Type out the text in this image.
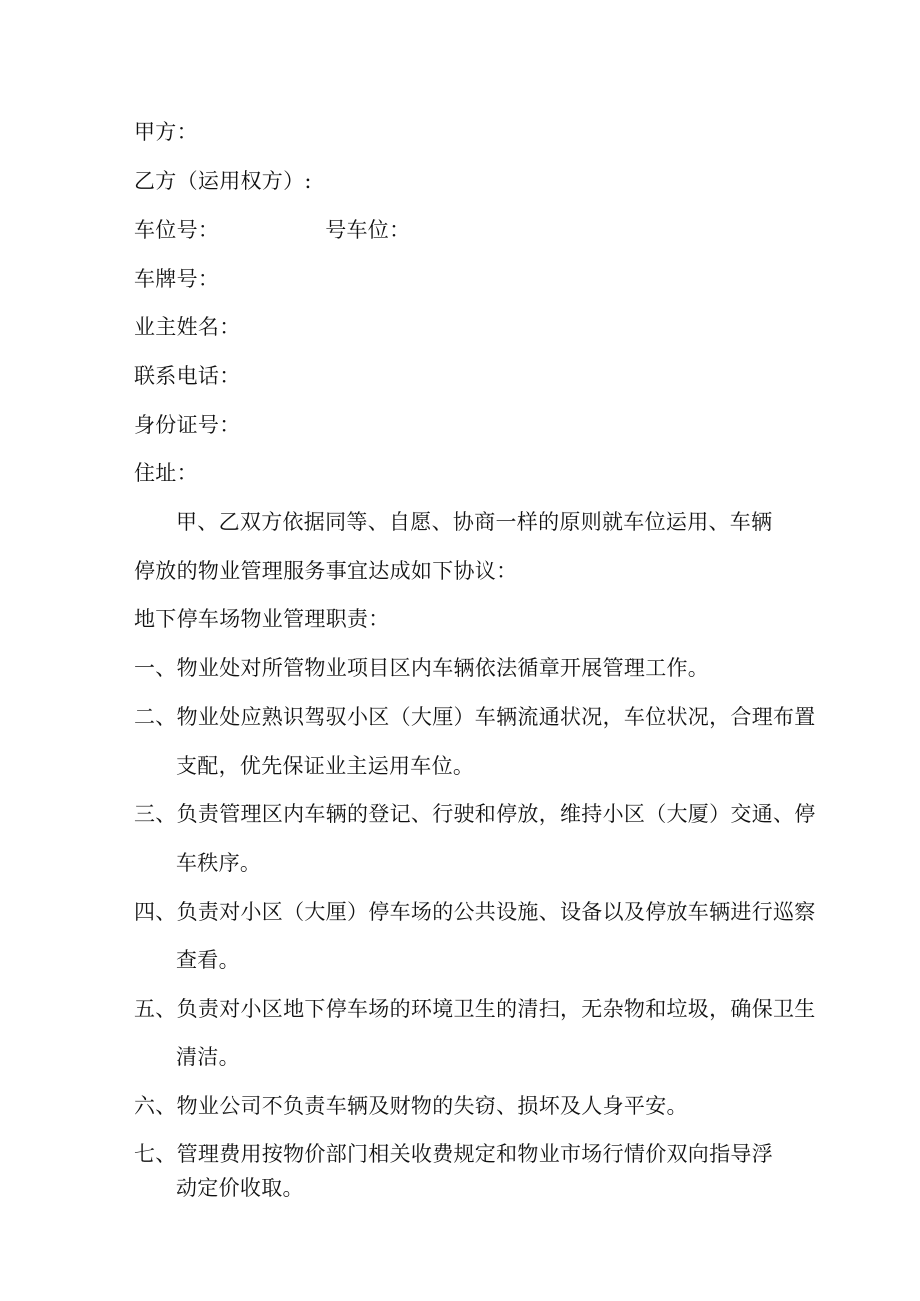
甲方：
乙方（运用权方）:
车位号：	号车位：
车牌号：
业主姓名：
联系电话：
身份证号：
住址：
甲、乙双方依据同等、自愿、协商一样的原则就车位运用、车辆
停放的物业管理服务事宜达成如下协议：
地下停车场物业管理职责：
一、物业处对所管物业项目区内车辆依法循章开展管理工作。
二、物业处应熟识驾驭小区（大厘）车辆流通状况，车位状况，合理布置
支配，优先保证业主运用车位。
三、负责管理区内车辆的登记、行驶和停放，维持小区（大厦）交通、停
车秩序。
四、负责对小区（大厘）停车场的公共设施、设备以及停放车辆进行巡察
查看。
五、负责对小区地下停车场的环境卫生的清扫，无杂物和垃圾，确保卫生
清洁。
六、物业公司不负责车辆及财物的失窃、损坏及人身平安。
七、管理费用按物价部门相关收费规定和物业市场行情价双向指导浮
动定价收取。
